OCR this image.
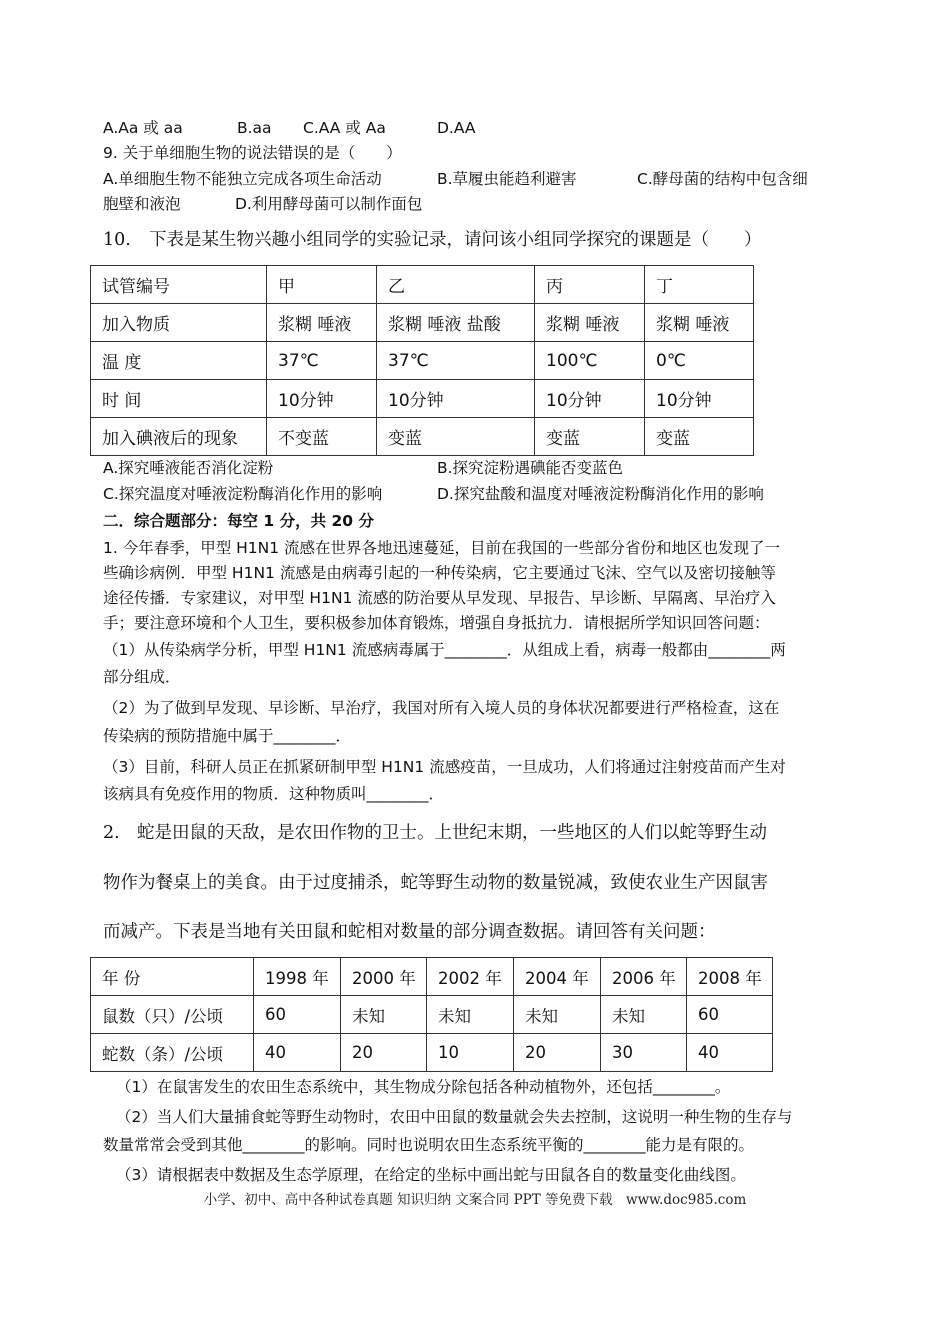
A.Aa 或 aa	B.aa C.AA 或 Aa	D.AA
9. 关于单细胞生物的说法错误的是（　　）
A.单细胞生物不能独立完成各项生命活动	B.草履虫能趋利避害	C.酵母菌的结构中包含细
胞壁和液泡	D.利用酵母菌可以制作面包
10. 下表是某生物兴趣小组同学的实验记录，请问该小组同学探究的课题是（　　）
试管编号	甲	乙	丙	丁
加入物质	浆糊 唾液	浆糊 唾液 盐酸	浆糊 唾液	浆糊 唾液
温 度	37℃	37℃	100℃	0℃
时 间	10分钟	10分钟	10分钟	10分钟
加入碘液后的现象	不变蓝	变蓝	变蓝	变蓝
A.探究唾液能否消化淀粉	B.探究淀粉遇碘能否变蓝色
C.探究温度对唾液淀粉酶消化作用的影响	D.探究盐酸和温度对唾液淀粉酶消化作用的影响
二．综合题部分：每空 1 分，共 20 分
1. 今年春季，甲型 H1N1 流感在世界各地迅速蔓延，目前在我国的一些部分省份和地区也发现了一
些确诊病例．甲型 H1N1 流感是由病毒引起的一种传染病，它主要通过飞沫、空气以及密切接触等
途径传播．专家建议，对甲型 H1N1 流感的防治要从早发现、早报告、早诊断、早隔离、早治疗入
手；要注意环境和个人卫生，要积极参加体育锻炼，增强自身抵抗力．请根据所学知识回答问题：
（1）从传染病学分析，甲型 H1N1 流感病毒属于________．从组成上看，病毒一般都由________两
部分组成．
（2）为了做到早发现、早诊断、早治疗，我国对所有入境人员的身体状况都要进行严格检查，这在
传染病的预防措施中属于________．
（3）目前，科研人员正在抓紧研制甲型 H1N1 流感疫苗，一旦成功，人们将通过注射疫苗而产生对
该病具有免疫作用的物质．这种物质叫________．
2. 蛇是田鼠的天敌，是农田作物的卫士。上世纪末期，一些地区的人们以蛇等野生动
物作为餐桌上的美食。由于过度捕杀，蛇等野生动物的数量锐减，致使农业生产因鼠害
而减产。下表是当地有关田鼠和蛇相对数量的部分调查数据。请回答有关问题：
年 份	1998 年	2000 年	2002 年	2004 年	2006 年	2008 年
鼠数（只）/公顷	60	未知	未知	未知	未知	60
蛇数（条）/公顷	40	20	10	20	30	40
（1）在鼠害发生的农田生态系统中，其生物成分除包括各种动植物外，还包括________。
（2）当人们大量捕食蛇等野生动物时，农田中田鼠的数量就会失去控制，这说明一种生物的生存与
数量常常会受到其他________的影响。同时也说明农田生态系统平衡的________能力是有限的。
（3）请根据表中数据及生态学原理，在给定的坐标中画出蛇与田鼠各自的数量变化曲线图。
小学、初中、高中各种试卷真题 知识归纳 文案合同 PPT 等免费下载　www.doc985.com
